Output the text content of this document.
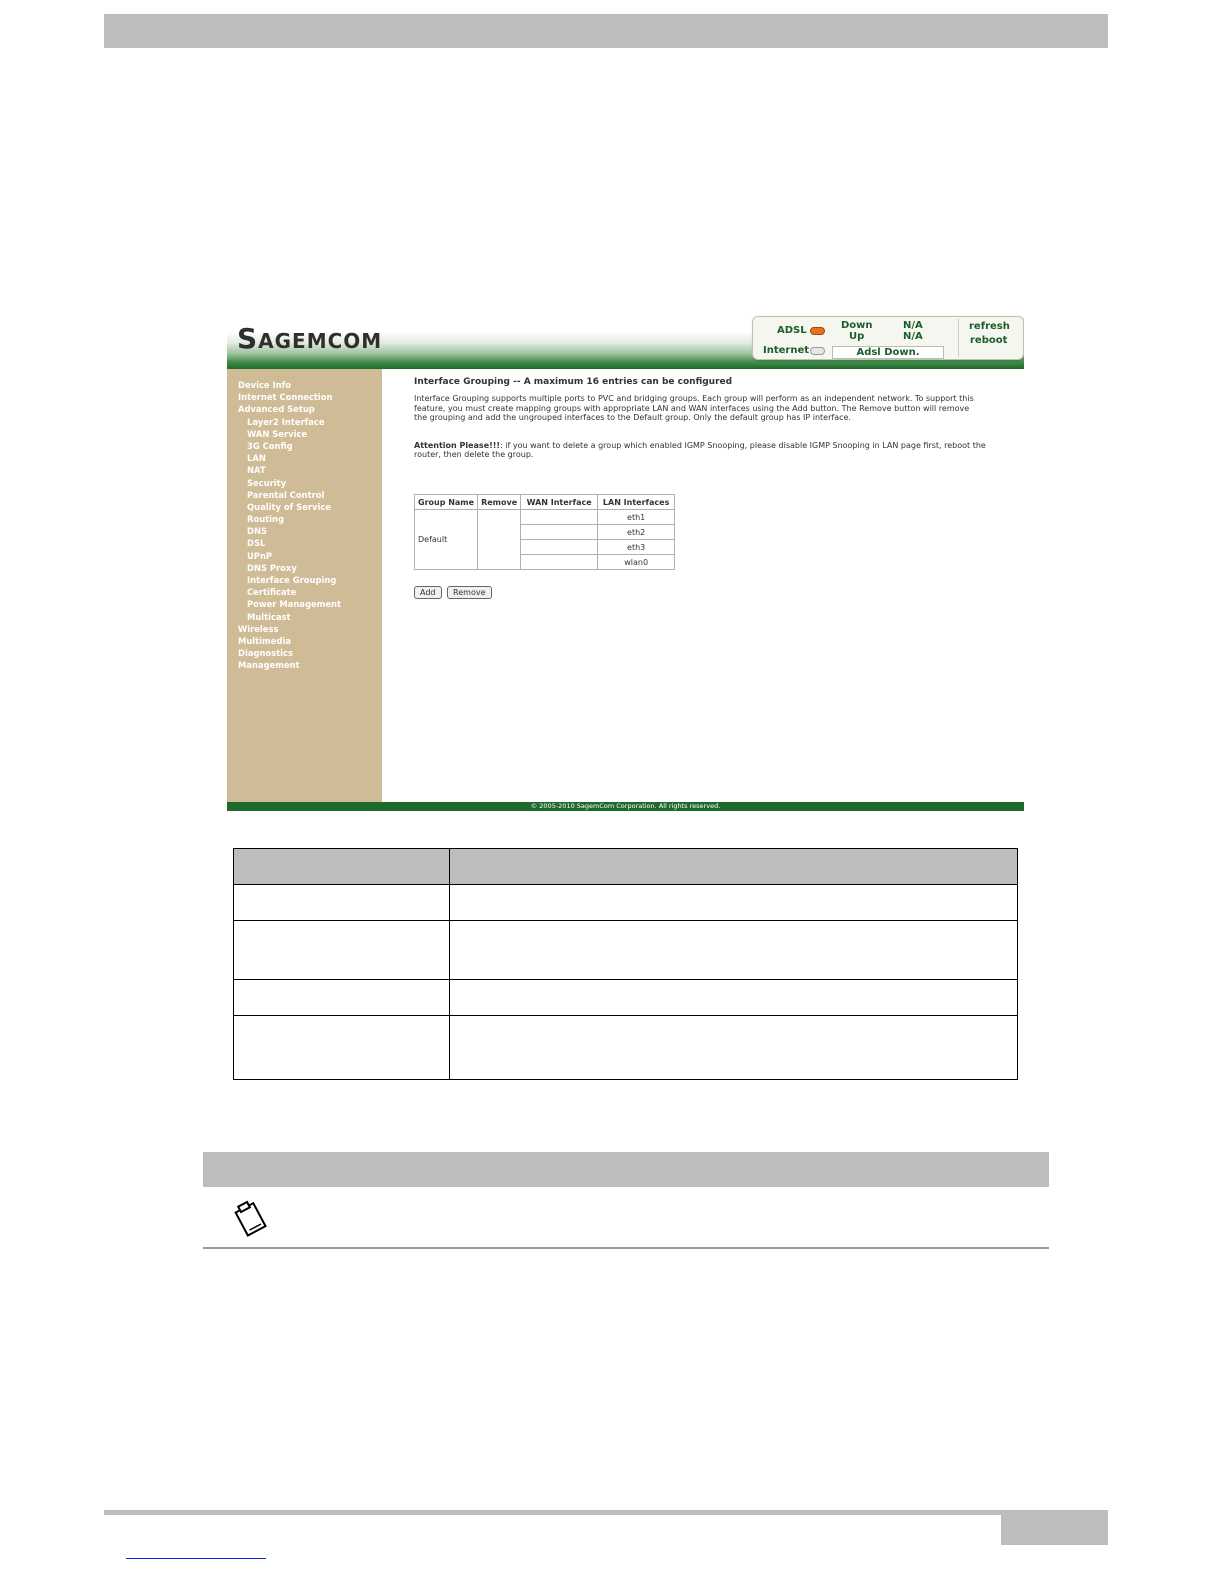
Sagemcom	ADSL
Internet
Down
Up
N/A
N/A
Adsl Down.
refresh
reboot
Device Info
Internet Connection
Advanced Setup
Layer2 Interface
WAN Service
3G Config
LAN
NAT
Security
Parental Control
Quality of Service
Routing
DNS
DSL
UPnP
DNS Proxy
Interface Grouping
Certificate
Power Management
Multicast
Wireless
Multimedia
Diagnostics
Management

Interface Grouping -- A maximum 16 entries can be configured

Interface Grouping supports multiple ports to PVC and bridging groups. Each group will perform as an independent network. To support this feature, you must create mapping groups with appropriate LAN and WAN interfaces using the Add button. The Remove button will remove the grouping and add the ungrouped interfaces to the Default group. Only the default group has IP interface.

Attention Please!!!: if you want to delete a group which enabled IGMP Snooping, please disable IGMP Snooping in LAN page first, reboot the router, then delete the group.

Group Name	Remove	WAN Interface	LAN Interfaces
Default			eth1
			eth2
			eth3
			wlan0
Add Remove
© 2005-2010 SagemCom Corporation. All rights reserved.
